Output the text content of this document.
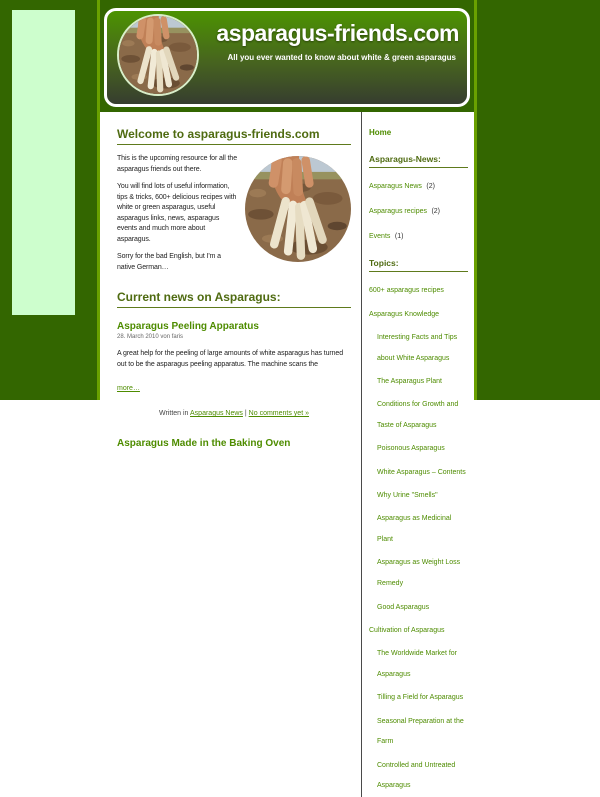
asparagus-friends.com
All you ever wanted to know about white & green asparagus
Welcome to asparagus-friends.com

This is the upcoming resource for all the asparagus friends out there.

You will find lots of useful information, tips & tricks, 600+ delicious recipes with white or green asparagus, useful asparagus links, news, asparagus events and much more about asparagus.

Sorry for the bad English, but I'm a native German…

Current news on Asparagus:
Asparagus Peeling Apparatus
28. March 2010 von faris

A great help for the peeling of large amounts of white asparagus has turned out to be the asparagus peeling apparatus. The machine scans the

more…
Written in Asparagus News | No comments yet »
Asparagus Made in the Baking Oven
Home
Asparagus-News:
Asparagus News (2)
Asparagus recipes (2)
Events (1)
Topics:
600+ asparagus recipes
Asparagus Knowledge
Interesting Facts and Tips about White Asparagus
The Asparagus Plant
Conditions for Growth and Taste of Asparagus
Poisonous Asparagus
White Asparagus – Contents
Why Urine "Smells"
Asparagus as Medicinal Plant
Asparagus as Weight Loss Remedy
Good Asparagus
Cultivation of Asparagus
The Worldwide Market for Asparagus
Tilling a Field for Asparagus
Seasonal Preparation at the Farm
Controlled and Untreated Asparagus
